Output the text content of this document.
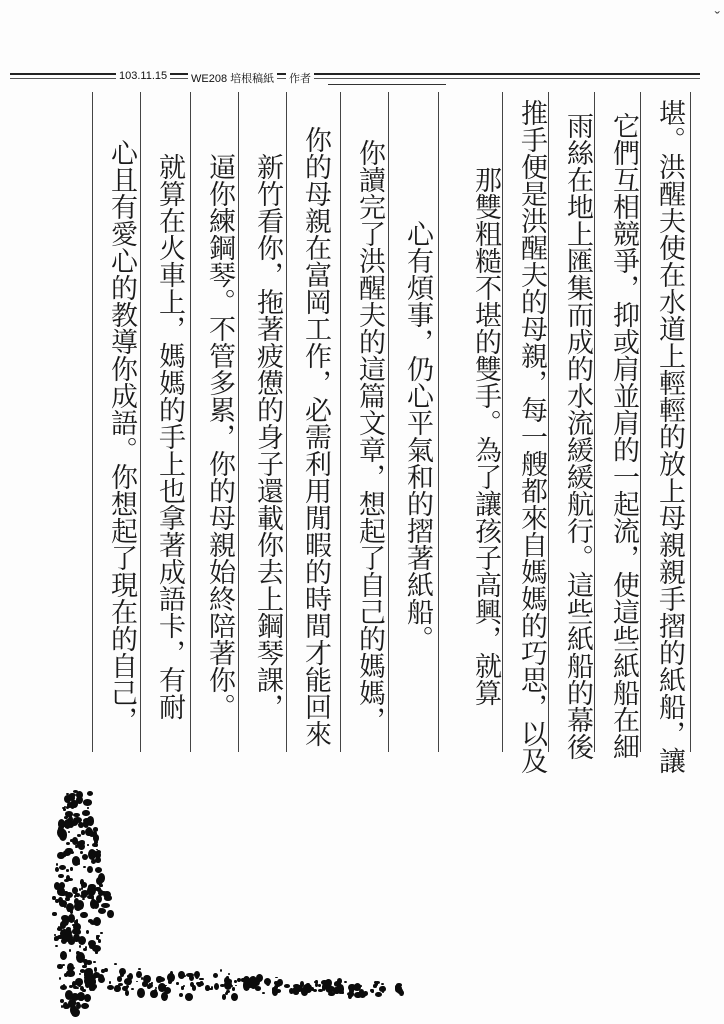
ˇ
103.11.15 WE208 培根稿紙 作者
堪。洪醒夫使在水道上輕輕的放上母親親手摺的紙船，讓
它們互相競爭，抑或肩並肩的一起流，使這些紙船在細
雨絲在地上匯集而成的水流緩緩航行。這些紙船的幕後
推手便是洪醒夫的母親，每一艘都來自媽媽的巧思，以及
那雙粗糙不堪的雙手。為了讓孩子高興，就算
心有煩事，仍心平氣和的摺著紙船。
你讀完了洪醒夫的這篇文章，想起了自己的媽媽，
你的母親在富岡工作，必需利用閒暇的時間才能回來
新竹看你，拖著疲憊的身子還載你去上鋼琴課，
逼你練鋼琴。不管多累，你的母親始終陪著你。
就算在火車上，媽媽的手上也拿著成語卡，有耐
心且有愛心的教導你成語。你想起了現在的自己，
